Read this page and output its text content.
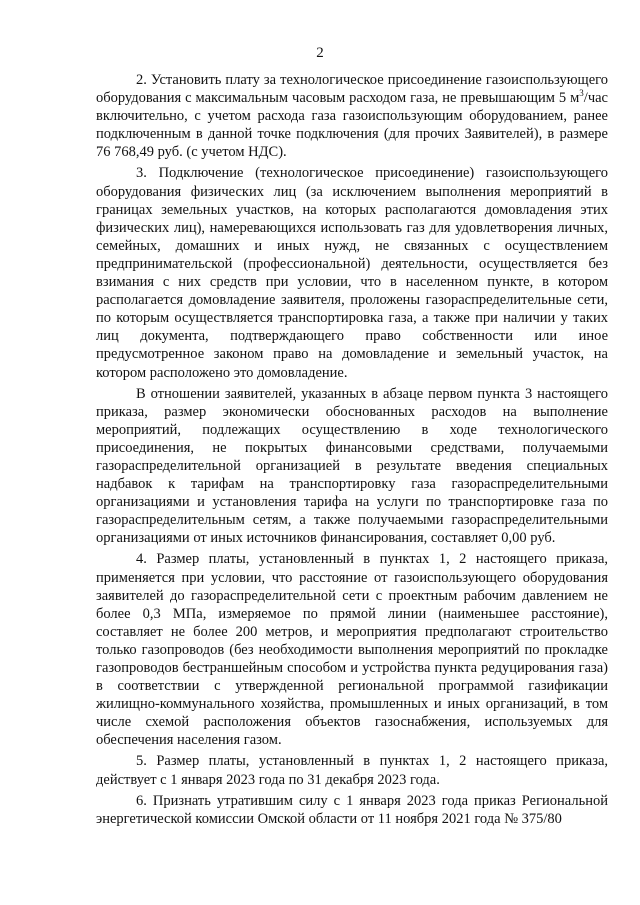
2

2. Установить плату за технологическое присоединение газоиспользующего оборудования с максимальным часовым расходом газа, не превышающим 5 $м^3$/час включительно, с учетом расхода газа газоиспользующим оборудованием, ранее подключенным в данной точке подключения (для прочих Заявителей), в размере 76 768,49 руб. (с учетом НДС).

3. Подключение (технологическое присоединение) газоиспользующего оборудования физических лиц (за исключением выполнения мероприятий в границах земельных участков, на которых располагаются домовладения этих физических лиц), намеревающихся использовать газ для удовлетворения личных, семейных, домашних и иных нужд, не связанных с осуществлением предпринимательской (профессиональной) деятельности, осуществляется без взимания с них средств при условии, что в населенном пункте, в котором располагается домовладение заявителя, проложены газораспределительные сети, по которым осуществляется транспортировка газа, а также при наличии у таких лиц документа, подтверждающего право собственности или иное предусмотренное законом право на домовладение и земельный участок, на котором расположено это домовладение.

В отношении заявителей, указанных в абзаце первом пункта 3 настоящего приказа, размер экономически обоснованных расходов на выполнение мероприятий, подлежащих осуществлению в ходе технологического присоединения, не покрытых финансовыми средствами, получаемыми газораспределительной организацией в результате введения специальных надбавок к тарифам на транспортировку газа газораспределительными организациями и установления тарифа на услуги по транспортировке газа по газораспределительным сетям, а также получаемыми газораспределительными организациями от иных источников финансирования, составляет 0,00 руб.

4. Размер платы, установленный в пунктах 1, 2 настоящего приказа, применяется при условии, что расстояние от газоиспользующего оборудования заявителей до газораспределительной сети с проектным рабочим давлением не более 0,3 МПа, измеряемое по прямой линии (наименьшее расстояние), составляет не более 200 метров, и мероприятия предполагают строительство только газопроводов (без необходимости выполнения мероприятий по прокладке газопроводов бестраншейным способом и устройства пункта редуцирования газа) в соответствии с утвержденной региональной программой газификации жилищно-коммунального хозяйства, промышленных и иных организаций, в том числе схемой расположения объектов газоснабжения, используемых для обеспечения населения газом.

5. Размер платы, установленный в пунктах 1, 2 настоящего приказа, действует с 1 января 2023 года по 31 декабря 2023 года.

6. Признать утратившим силу с 1 января 2023 года приказ Региональной энергетической комиссии Омской области от 11 ноября 2021 года № 375/80
